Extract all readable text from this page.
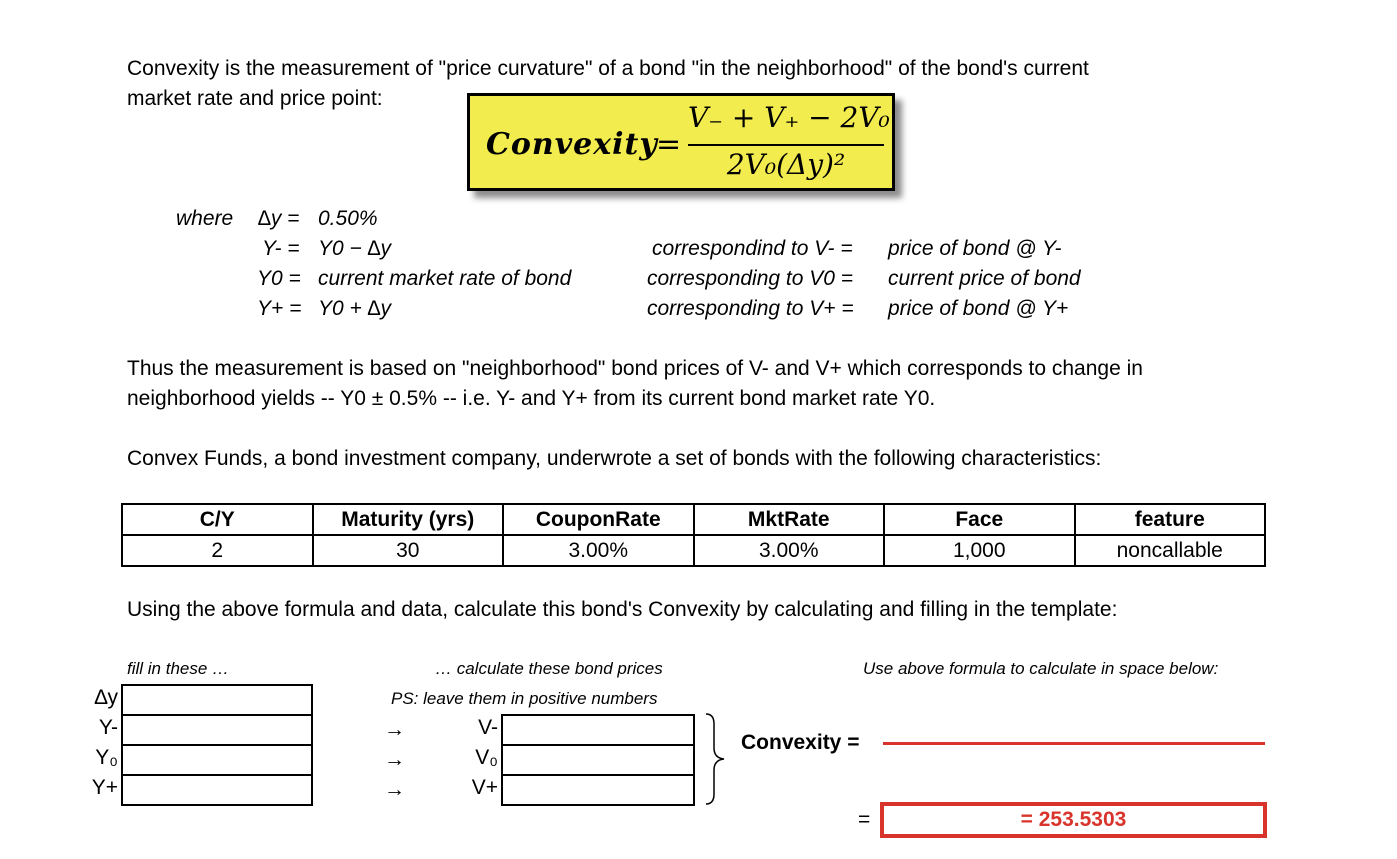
Convexity is the measurement of "price curvature" of a bond "in the neighborhood" of the bond's current
market rate and price point:
Convexity
=
V₋ + V₊ − 2V₀
2V₀(Δy)²
where ∆y = 0.50%
Y- = Y0 − ∆y	correspondind to V- = price of bond @ Y-
Y0 = current market rate of bond	corresponding to V0 = current price of bond
Y+ = Y0 + ∆y	corresponding to V+ = price of bond @ Y+
Thus the measurement is based on "neighborhood" bond prices of V- and V+ which corresponds to change in
neighborhood yields -- Y0 ± 0.5% -- i.e. Y- and Y+ from its current bond market rate Y0.
Convex Funds, a bond investment company, underwrote a set of bonds with the following characteristics:
C/Y	Maturity (yrs)	CouponRate	MktRate	Face	feature
2	30	3.00%	3.00%	1,000	noncallable
Using the above formula and data, calculate this bond's Convexity by calculating and filling in the template:
fill in these …	… calculate these bond prices
PS: leave them in positive numbers
Use above formula to calculate in space below:
∆y
Y-
Y₀
Y+
→
→
→
V-
V₀
V+
Convexity =
=	= 253.5303
